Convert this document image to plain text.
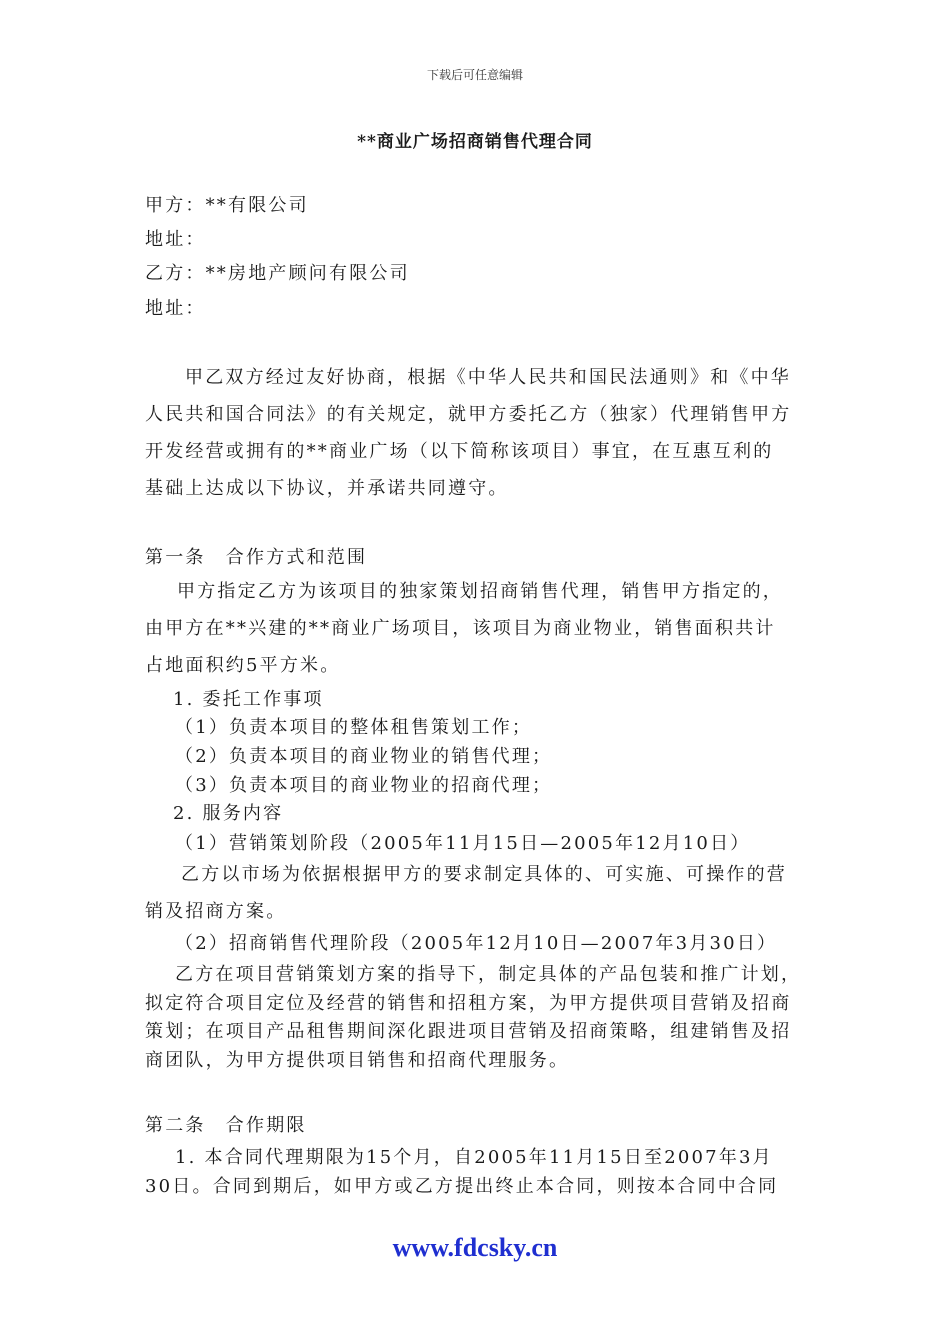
下载后可任意编辑
**商业广场招商销售代理合同
甲方：**有限公司
地址：
乙方：**房地产顾问有限公司
地址：
甲乙双方经过友好协商，根据《中华人民共和国民法通则》和《中华
人民共和国合同法》的有关规定，就甲方委托乙方（独家）代理销售甲方
开发经营或拥有的**商业广场（以下简称该项目）事宜，在互惠互利的
基础上达成以下协议，并承诺共同遵守。
第一条　合作方式和范围
甲方指定乙方为该项目的独家策划招商销售代理，销售甲方指定的，
由甲方在**兴建的**商业广场项目，该项目为商业物业，销售面积共计
占地面积约5平方米。
1. 委托工作事项
（1）负责本项目的整体租售策划工作；
（2）负责本项目的商业物业的销售代理；
（3）负责本项目的商业物业的招商代理；
2. 服务内容
（1）营销策划阶段（2005年11月15日—2005年12月10日）
乙方以市场为依据根据甲方的要求制定具体的、可实施、可操作的营
销及招商方案。
（2）招商销售代理阶段（2005年12月10日—2007年3月30日）
乙方在项目营销策划方案的指导下，制定具体的产品包装和推广计划，
拟定符合项目定位及经营的销售和招租方案，为甲方提供项目营销及招商
策划；在项目产品租售期间深化跟进项目营销及招商策略，组建销售及招
商团队，为甲方提供项目销售和招商代理服务。
第二条　合作期限
1. 本合同代理期限为15个月，自2005年11月15日至2007年3月
30日。合同到期后，如甲方或乙方提出终止本合同，则按本合同中合同
www.fdcsky.cn
